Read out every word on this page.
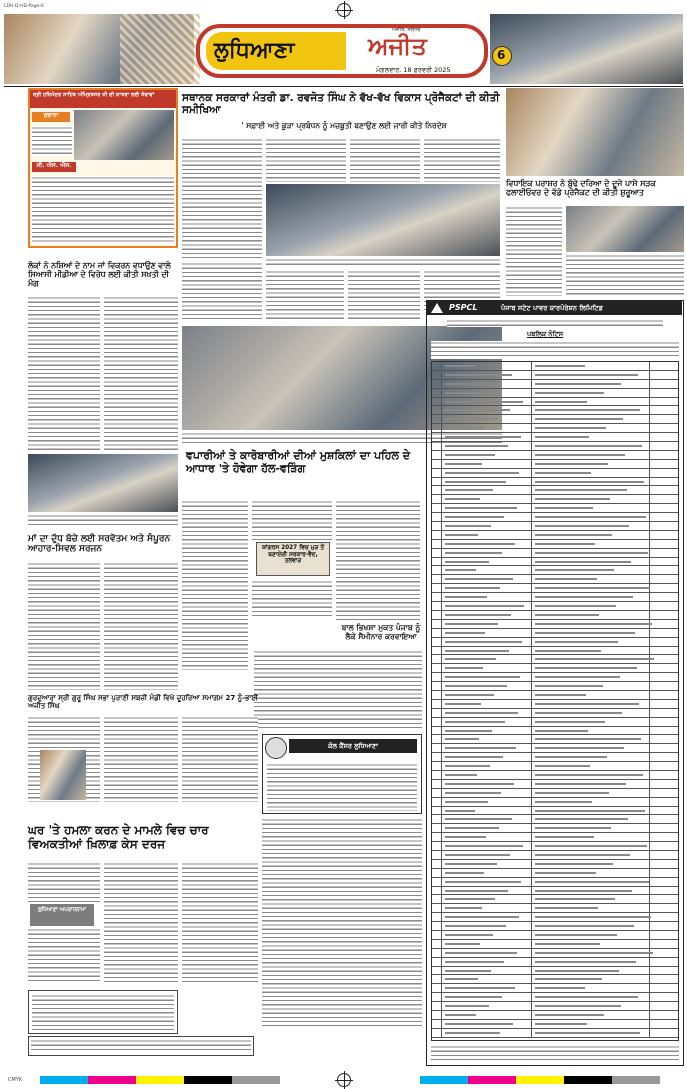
LDH-D-HD-Page-6
ਲੁਧਿਆਣਾ
ਅਜੀਤ, ਜਲੰਧਰ
ਅਜੀਤ
ਮੰਗਲਵਾਰ, 18 ਫਰਵਰੀ 2025
6
ਸ੍ਰੀ ਹਰਿਮੰਦਰ ਸਾਹਿਬ ਅੰਮ੍ਰਿਤਸਰ ਜੀ ਦੀ ਯਾਤਰਾ ਲਈ ਸੇਵਾਵਾਂ
ਰਵਾਨਾ
ਸੀ. ਐਸ. ਐਸ.
ਸਥਾਨਕ ਸਰਕਾਰਾਂ ਮੰਤਰੀ ਡਾ. ਰਵਜੋਤ ਸਿੰਘ ਨੇ ਵੱਖ-ਵੱਖ ਵਿਕਾਸ ਪ੍ਰੋਜੈਕਟਾਂ ਦੀ ਕੀਤੀ ਸਮੀਖਿਆ
' ਸਫ਼ਾਈ ਅਤੇ ਕੂੜਾ ਪ੍ਰਬੰਧਨ ਨੂੰ ਮਜ਼ਬੂਤੀ ਬਣਾਉਣ ਲਈ ਜਾਰੀ ਕੀਤੇ ਨਿਰਦੇਸ਼
ਵਿਧਾਇਕ ਪਰਾਸ਼ਰ ਨੇ ਬੁੱਢੇ ਦਰਿਆ ਦੇ ਦੂਜੇ ਪਾਸੇ ਸੜਕ ਫਲਾਈਓਵਰ ਦੇ ਵੱਡੇ ਪ੍ਰੋਜੈਕਟ ਦੀ ਕੀਤੀ ਸ਼ੁਰੂਆਤ
ਲੋਕਾਂ ਨੇ ਨਸ਼ਿਆਂ ਦੇ ਨਾਮ ਜਾਂ ਵਿਕਰਨ ਵਧਾਉਣ ਵਾਲੇ ਸਿਆਸੀ ਮੀਡੀਆ ਦੇ ਵਿਰੋਧ ਲਈ ਕੀਤੀ ਸਖਤੀ ਦੀ ਮੰਗ
ਵਪਾਰੀਆਂ ਤੇ ਕਾਰੋਬਾਰੀਆਂ ਦੀਆਂ ਮੁਸ਼ਕਿਲਾਂ ਦਾ ਪਹਿਲ ਦੇ ਆਧਾਰ 'ਤੇ ਹੋਵੇਗਾ ਹੱਲ-ਵੜਿੰਗ
ਕਾਂਗਰਸ 2027 ਵਿਚ ਮੁੜ ਤੋਂ ਬਣਾਏਗੀ ਸਰਕਾਰ-ਵੈਦ, ਤਲਵਾੜ
ਮਾਂ ਦਾ ਦੁੱਧ ਬੱਚੇ ਲਈ ਸਰਵੋਤਮ ਅਤੇ ਸੰਪੂਰਨ ਆਹਾਰ-ਸਿਵਲ ਸਰਜਨ
ਬਾਲ ਭਿਖਸ਼ਾ ਮੁਕਤ ਪੰਜਾਬ ਨੂੰ ਲੈਕੇ ਸੈਮੀਨਾਰ ਕਰਵਾਇਆ
ਗੁਰਦੁਆਰਾ ਸ੍ਰੀ ਗੁਰੂ ਸਿੰਘ ਸਭਾ ਪੁਰਾਣੀ ਸਬਜ਼ੀ ਮੰਡੀ ਵਿਖੇ ਦੂਹਰਿਆ ਸਮਾਗਮ 27 ਨੂੰ-ਭਾਈ ਅਜੀਤ ਸਿੰਘ
ਕੋਲ ਕੈਂਸਰ ਲੁਧਿਆਣਾ
ਘਰ 'ਤੇ ਹਮਲਾ ਕਰਨ ਦੇ ਮਾਮਲੇ ਵਿਚ ਚਾਰ ਵਿਅਕਤੀਆਂ ਖ਼ਿਲਾਫ਼ ਕੇਸ ਦਰਜ
ਲੁਧਿਆਣਾ ਅਪਰਾਧਨਾਮਾ
PSPCL	ਪੰਜਾਬ ਸਟੇਟ ਪਾਵਰ ਕਾਰਪੋਰੇਸ਼ਨ ਲਿਮਿਟਿਡ
ਪਬਲਿਕ ਨੋਟਿਸ
CMYK
